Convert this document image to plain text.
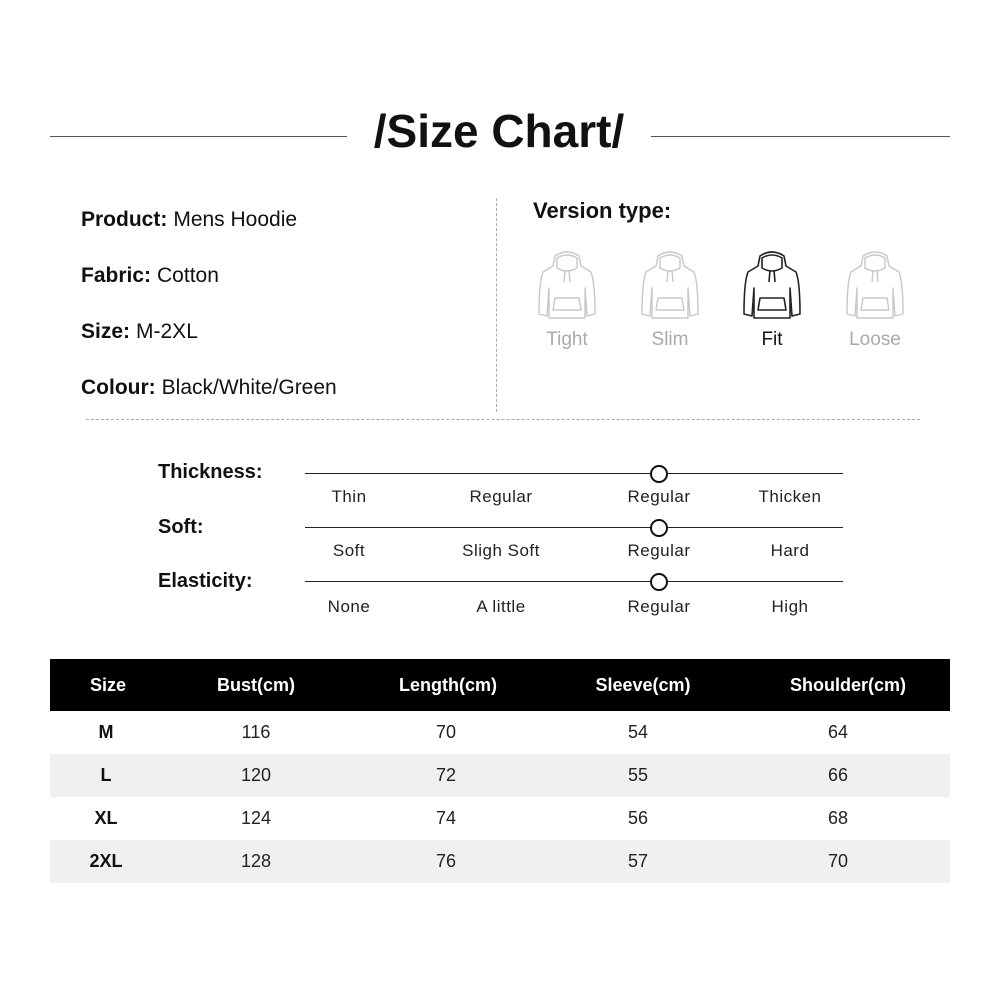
/Size Chart/
Product: Mens Hoodie
Fabric: Cotton
Size: M-2XL
Colour: Black/White/Green
Version type:
Tight	Slim	Fit	Loose
Thickness:
Thin	Regular	Regular	Thicken
Soft:
Soft	Sligh Soft	Regular	Hard
Elasticity:
None	A little	Regular	High
Size	Bust(cm)	Length(cm)	Sleeve(cm)	Shoulder(cm)
M	116	70	54	64
L	120	72	55	66
XL	124	74	56	68
2XL	128	76	57	70
